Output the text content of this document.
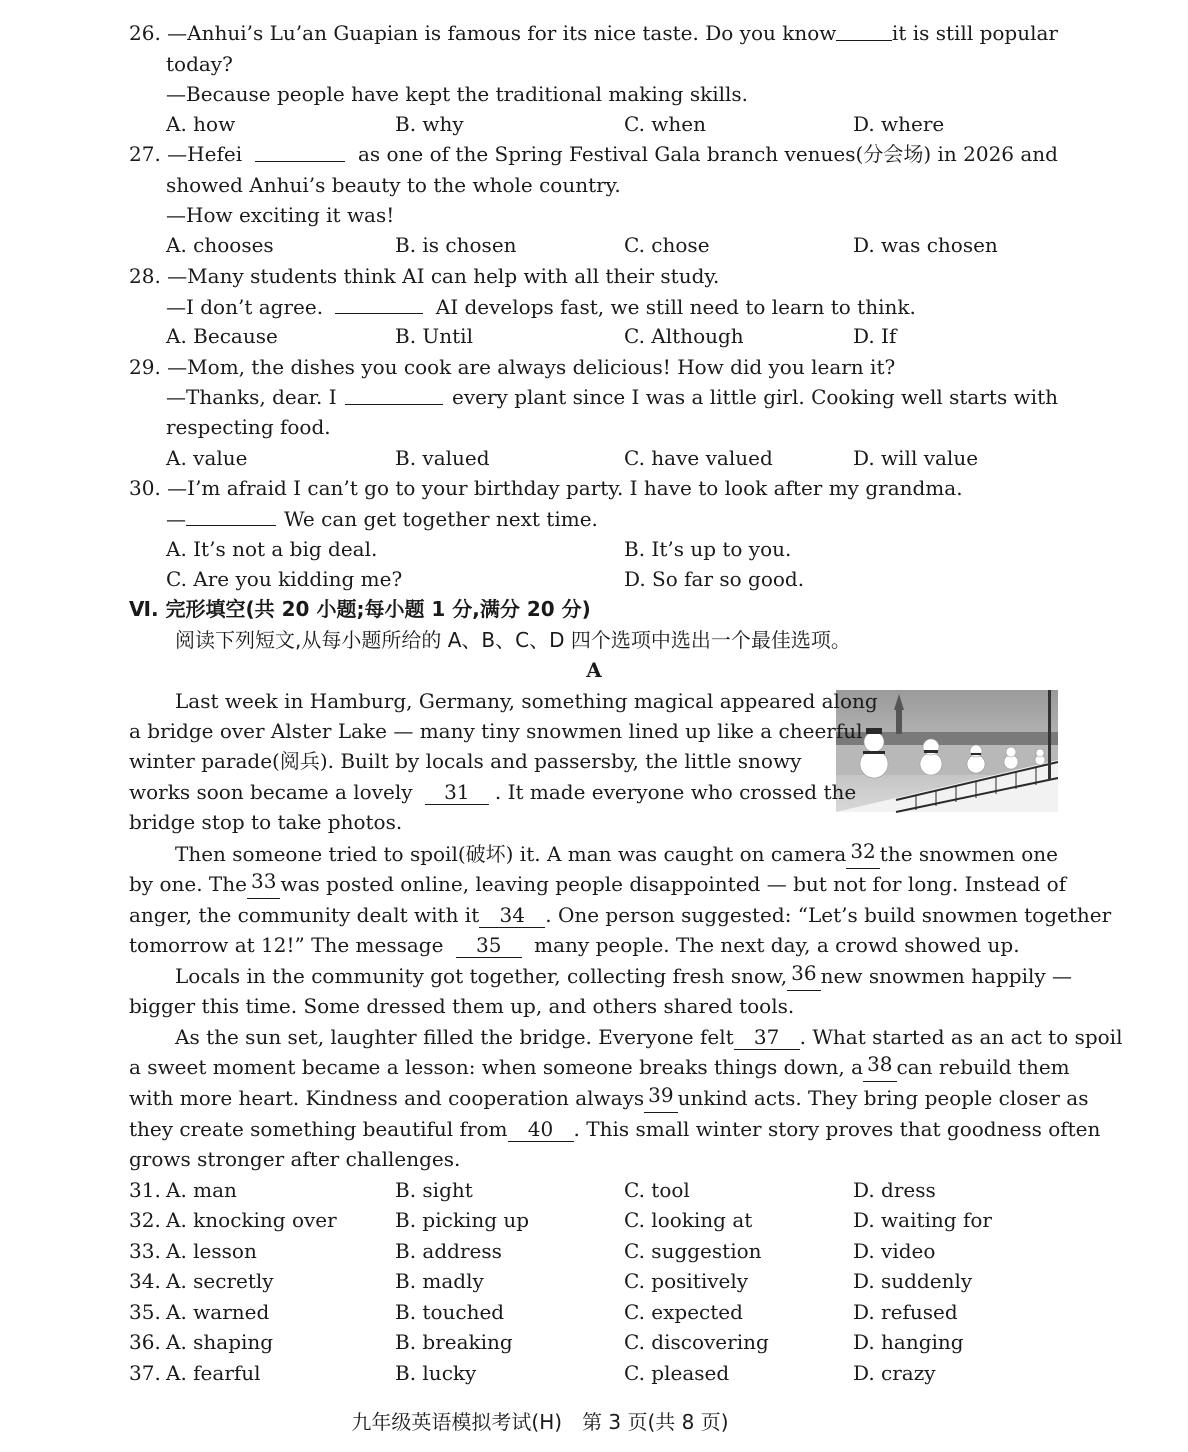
26. —Anhui’s Lu’an Guapian is famous for its nice taste. Do you know	it is still popular
today?
—Because people have kept the traditional making skills.
A. how	B. why	C. when	D. where
27. —Hefei	as one of the Spring Festival Gala branch venues(分会场) in 2026 and
showed Anhui’s beauty to the whole country.
—How exciting it was!
A. chooses	B. is chosen	C. chose	D. was chosen
28. —Many students think AI can help with all their study.
—I don’t agree.	AI develops fast, we still need to learn to think.
A. Because	B. Until	C. Although	D. If
29. —Mom, the dishes you cook are always delicious! How did you learn it?
—Thanks, dear. I	every plant since I was a little girl. Cooking well starts with
respecting food.
A. value	B. valued	C. have valued	D. will value
30. —I’m afraid I can’t go to your birthday party. I have to look after my grandma.
—	We can get together next time.
A. It’s not a big deal.	B. It’s up to you.
C. Are you kidding me?	D. So far so good.
Ⅵ. 完形填空(共 20 小题;每小题 1 分,满分 20 分)
阅读下列短文,从每小题所给的 A、B、C、D 四个选项中选出一个最佳选项。
A
Last week in Hamburg, Germany, something magical appeared along
a bridge over Alster Lake — many tiny snowmen lined up like a cheerful
winter parade(阅兵). Built by locals and passersby, the little snowy
works soon became a lovely 31 . It made everyone who crossed the
bridge stop to take photos.
Then someone tried to spoil(破坏) it. A man was caught on camera 32 the snowmen one
by one. The 33 was posted online, leaving people disappointed — but not for long. Instead of
anger, the community dealt with it	34 . One person suggested: “Let’s build snowmen together
tomorrow at 12!” The message 35 many people. The next day, a crowd showed up.
Locals in the community got together, collecting fresh snow, 36 new snowmen happily —
bigger this time. Some dressed them up, and others shared tools.
As the sun set, laughter filled the bridge. Everyone felt	37 . What started as an act to spoil
a sweet moment became a lesson: when someone breaks things down, a 38 can rebuild them
with more heart. Kindness and cooperation always 39 unkind acts. They bring people closer as
they create something beautiful from	40 . This small winter story proves that goodness often
grows stronger after challenges.
31. A. man	B. sight	C. tool	D. dress
32. A. knocking over	B. picking up	C. looking at	D. waiting for
33. A. lesson	B. address	C. suggestion	D. video
34. A. secretly	B. madly	C. positively	D. suddenly
35. A. warned	B. touched	C. expected	D. refused
36. A. shaping	B. breaking	C. discovering	D. hanging
37. A. fearful	B. lucky	C. pleased	D. crazy
九年级英语模拟考试(H)　第 3 页(共 8 页)
